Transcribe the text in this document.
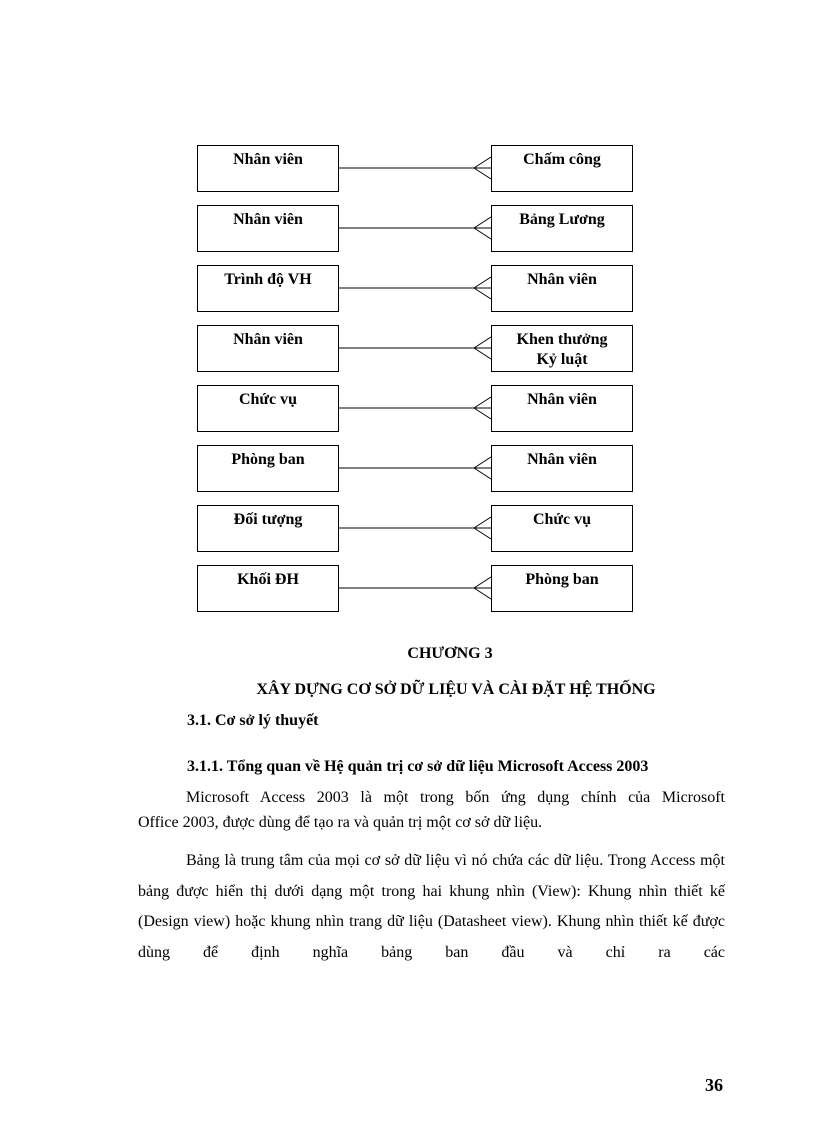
Nhân viên	Chấm công
Nhân viên	Bảng Lương
Trình độ VH	Nhân viên
Nhân viên	Khen thưởng
Kỷ luật
Chức vụ	Nhân viên
Phòng ban	Nhân viên
Đối tượng	Chức vụ
Khối ĐH	Phòng ban
CHƯƠNG 3
XÂY DỰNG CƠ SỞ DỮ LIỆU VÀ CÀI ĐẶT HỆ THỐNG
3.1. Cơ sở lý thuyết
3.1.1. Tổng quan về Hệ quản trị cơ sở dữ liệu Microsoft Access 2003

Microsoft Access 2003 là một trong bốn ứng dụng chính của Microsoft

Office 2003, được dùng để tạo ra và quản trị một cơ sở dữ liệu.

Bảng là trung tâm của mọi cơ sở dữ liệu vì nó chứa các dữ liệu. Trong Access một bảng được hiển thị dưới dạng một trong hai khung nhìn (View): Khung nhìn thiết kế (Design view) hoặc khung nhìn trang dữ liệu (Datasheet view). Khung nhìn thiết kế được dùng để định nghĩa bảng ban đầu và chỉ ra các

36
